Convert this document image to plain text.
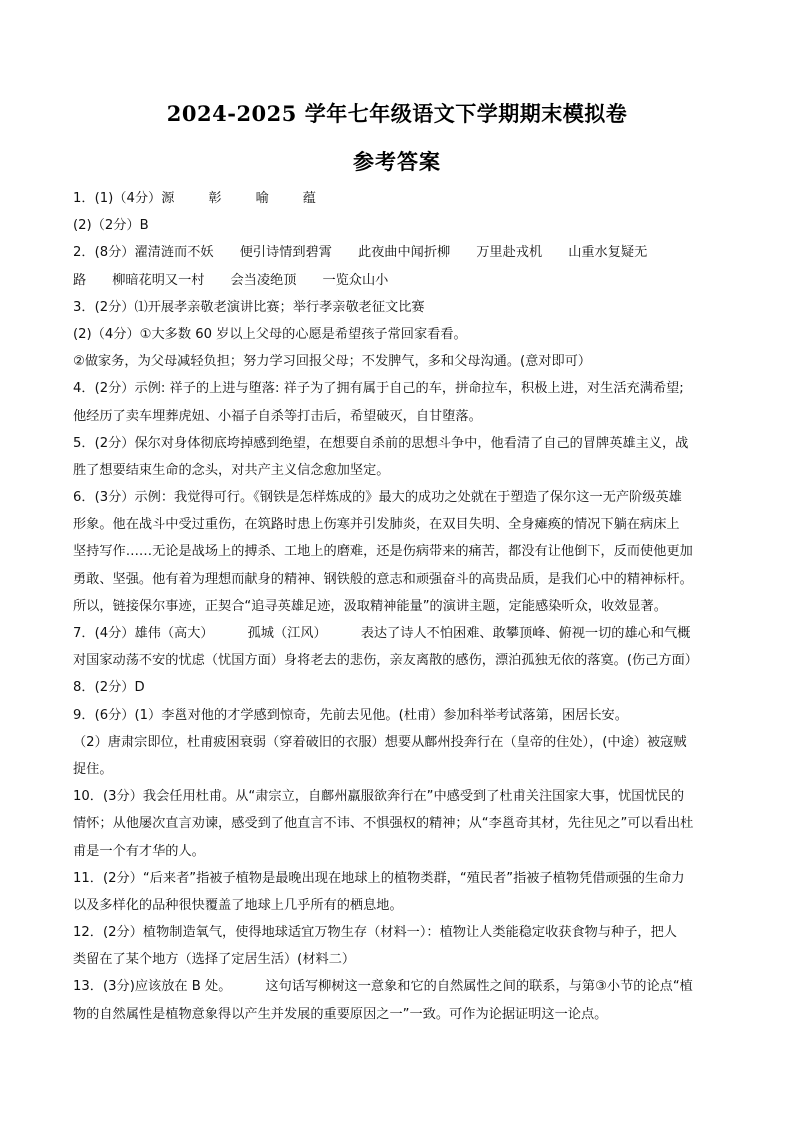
2024-2025 学年七年级语文下学期期末模拟卷
参考答案
1．(1)（4分）源	彰	喻	蕴
(2)（2分）B
2．(8分）濯清涟而不妖 便引诗情到碧霄 此夜曲中闻折柳 万里赴戎机 山重水复疑无
路 柳暗花明又一村 会当凌绝顶 一览众山小
3．(2分）⑴开展孝亲敬老演讲比赛；举行孝亲敬老征文比赛
(2)（4分）①大多数 60 岁以上父母的心愿是希望孩子常回家看看。
②做家务，为父母减轻负担；努力学习回报父母；不发脾气，多和父母沟通。(意对即可）
4．(2分）示例: 祥子的上进与堕落: 祥子为了拥有属于自己的车，拼命拉车，积极上进，对生活充满希望;
他经历了卖车埋葬虎妞、小福子自杀等打击后，希望破灭，自甘堕落。
5．(2分）保尔对身体彻底垮掉感到绝望，在想要自杀前的思想斗争中，他看清了自己的冒牌英雄主义，战
胜了想要结束生命的念头，对共产主义信念愈加坚定。
6．(3分）示例：我觉得可行。《钢铁是怎样炼成的》最大的成功之处就在于塑造了保尔这一无产阶级英雄
形象。他在战斗中受过重伤，在筑路时患上伤寒并引发肺炎，在双目失明、全身瘫痪的情况下躺在病床上
坚持写作……无论是战场上的搏杀、工地上的磨难，还是伤病带来的痛苦，都没有让他倒下，反而使他更加
勇敢、坚强。他有着为理想而献身的精神、钢铁般的意志和顽强奋斗的高贵品质，是我们心中的精神标杆。
所以，链接保尔事迹，正契合“追寻英雄足迹，汲取精神能量”的演讲主题，定能感染听众，收效显著。
7．(4分）雄伟（高大）	孤城（江风）	表达了诗人不怕困难、敢攀顶峰、俯视一切的雄心和气概
对国家动荡不安的忧虑（忧国方面）身将老去的悲伤，亲友离散的感伤，漂泊孤独无依的落寞。(伤己方面）
8．(2分）D
9．(6分）(1）李邕对他的才学感到惊奇，先前去见他。(杜甫）参加科举考试落第，困居长安。
（2）唐肃宗即位，杜甫疲困衰弱（穿着破旧的衣服）想要从鄜州投奔行在（皇帝的住处），(中途）被寇贼
捉住。
10．(3分）我会任用杜甫。从“肃宗立，自鄜州羸服欲奔行在”中感受到了杜甫关注国家大事，忧国忧民的
情怀；从他屡次直言劝谏，感受到了他直言不讳、不惧强权的精神；从“李邕奇其材，先往见之”可以看出杜
甫是一个有才华的人。
11．(2分）“后来者”指被子植物是最晚出现在地球上的植物类群，“殖民者”指被子植物凭借顽强的生命力
以及多样化的品种很快覆盖了地球上几乎所有的栖息地。
12．(2分）植物制造氧气，使得地球适宜万物生存（材料一）：植物让人类能稳定收获食物与种子，把人
类留在了某个地方（选择了定居生活）(材料二）
13．(3分)应该放在 B 处。	这句话写柳树这一意象和它的自然属性之间的联系，与第③小节的论点“植
物的自然属性是植物意象得以产生并发展的重要原因之一”一致。可作为论据证明这一论点。
